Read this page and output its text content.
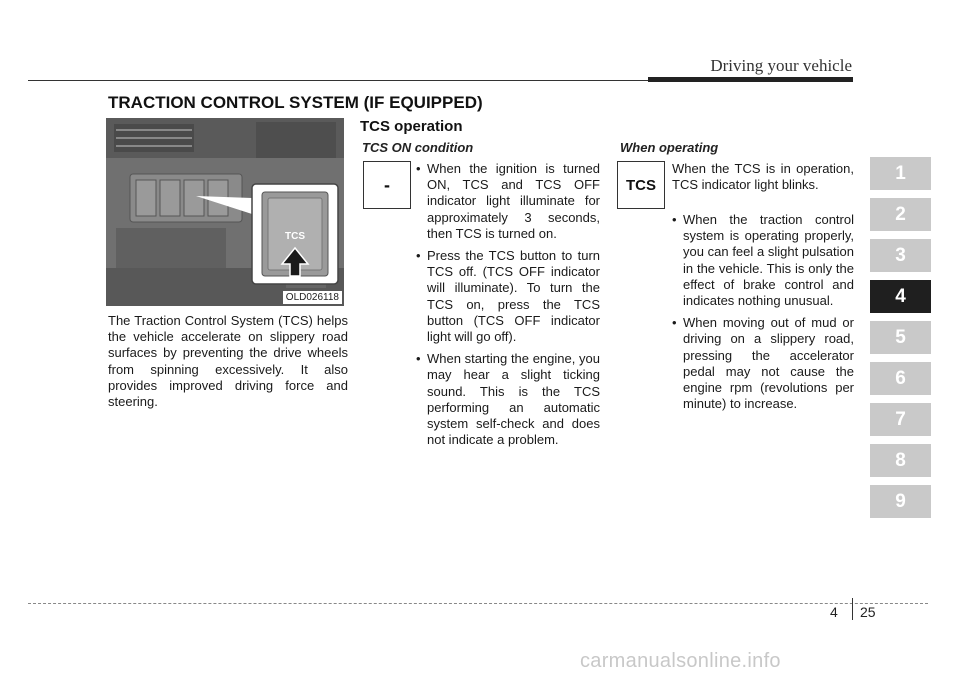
Driving your vehicle
TRACTION CONTROL SYSTEM (IF EQUIPPED)
TCS
OLD026118
The Traction Control System (TCS) helps the vehicle accelerate on slippery road surfaces by preventing the drive wheels from spinning excessively. It also provides improved driving force and steering.
TCS operation
TCS ON condition
-
• When the ignition is turned ON, TCS and TCS OFF indicator light illuminate for approximately 3 seconds, then TCS is turned on.
• Press the TCS button to turn TCS off. (TCS OFF indicator will illuminate). To turn the TCS on, press the TCS button (TCS OFF indicator light will go off).
• When starting the engine, you may hear a slight ticking sound. This is the TCS performing an automatic system self-check and does not indicate a problem.
When operating
TCS
When the TCS is in operation, TCS indicator light blinks.
• When the traction control system is operating properly, you can feel a slight pulsation in the vehicle. This is only the effect of brake control and indicates nothing unusual.
• When moving out of mud or driving on a slippery road, pressing the accelerator pedal may not cause the engine rpm (revolutions per minute) to increase.
1
2
3
4
5
6
7
8
9
4 25
carmanualsonline.info
